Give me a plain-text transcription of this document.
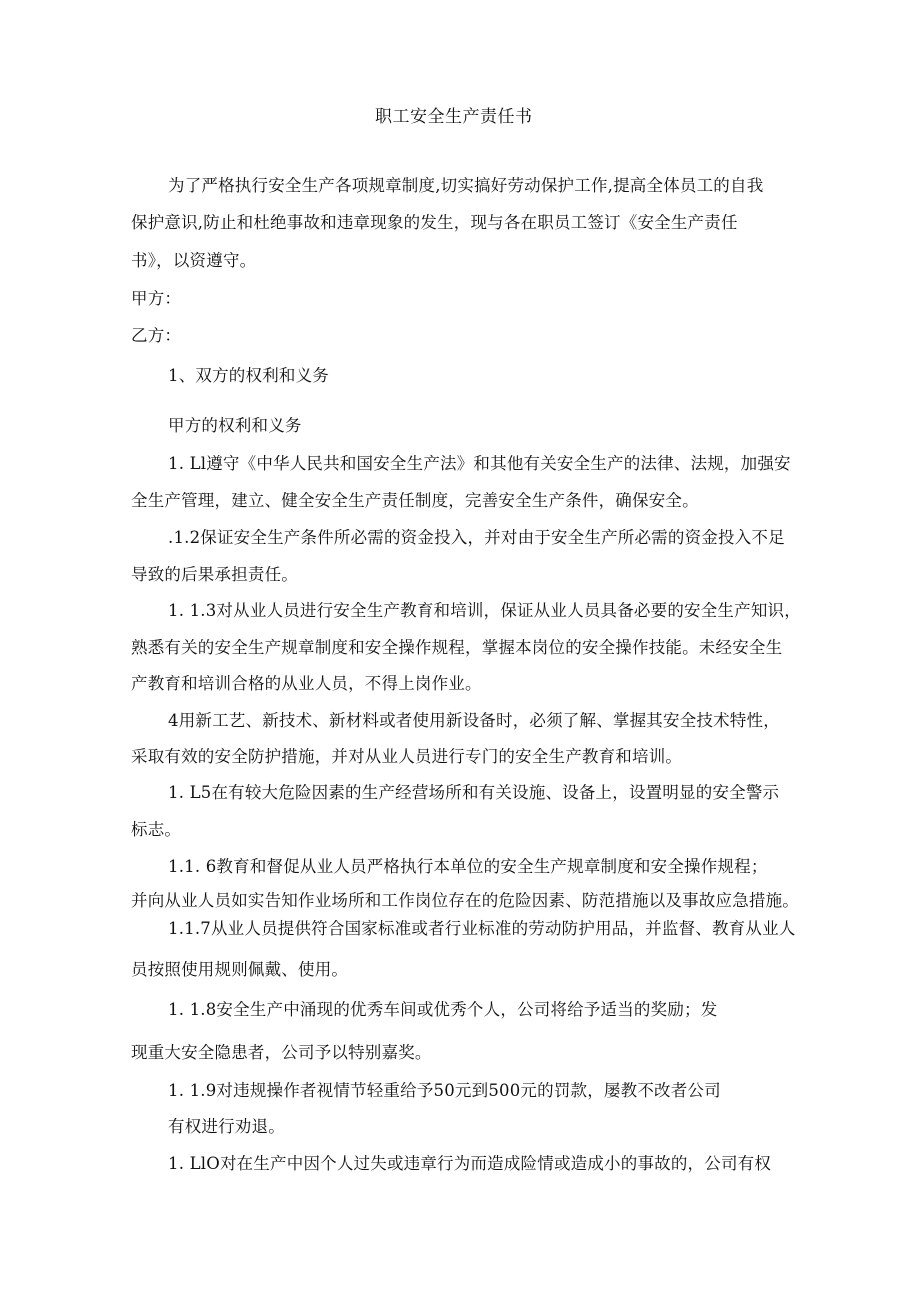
职工安全生产责任书
为了严格执行安全生产各项规章制度,切实搞好劳动保护工作,提高全体员工的自我
保护意识,防止和杜绝事故和违章现象的发生，现与各在职员工签订《安全生产责任
书》，以资遵守。
甲方：
乙方：
1、双方的权利和义务
甲方的权利和义务
1. Ll遵守《中华人民共和国安全生产法》和其他有关安全生产的法律、法规，加强安
全生产管理，建立、健全安全生产责任制度，完善安全生产条件，确保安全。
.1.2保证安全生产条件所必需的资金投入，并对由于安全生产所必需的资金投入不足
导致的后果承担责任。
1. 1.3对从业人员进行安全生产教育和培训，保证从业人员具备必要的安全生产知识，
熟悉有关的安全生产规章制度和安全操作规程，掌握本岗位的安全操作技能。未经安全生
产教育和培训合格的从业人员，不得上岗作业。
4用新工艺、新技术、新材料或者使用新设备时，必须了解、掌握其安全技术特性，
采取有效的安全防护措施，并对从业人员进行专门的安全生产教育和培训。
1. L5在有较大危险因素的生产经营场所和有关设施、设备上，设置明显的安全警示
标志。
1.1. 6教育和督促从业人员严格执行本单位的安全生产规章制度和安全操作规程；
并向从业人员如实告知作业场所和工作岗位存在的危险因素、防范措施以及事故应急措施。
1.1.7从业人员提供符合国家标准或者行业标准的劳动防护用品，并监督、教育从业人
员按照使用规则佩戴、使用。
1. 1.8安全生产中涌现的优秀车间或优秀个人，公司将给予适当的奖励；发
现重大安全隐患者，公司予以特别嘉奖。
1. 1.9对违规操作者视情节轻重给予50元到500元的罚款，屡教不改者公司
有权进行劝退。
1. LlO对在生产中因个人过失或违章行为而造成险情或造成小的事故的，公司有权
